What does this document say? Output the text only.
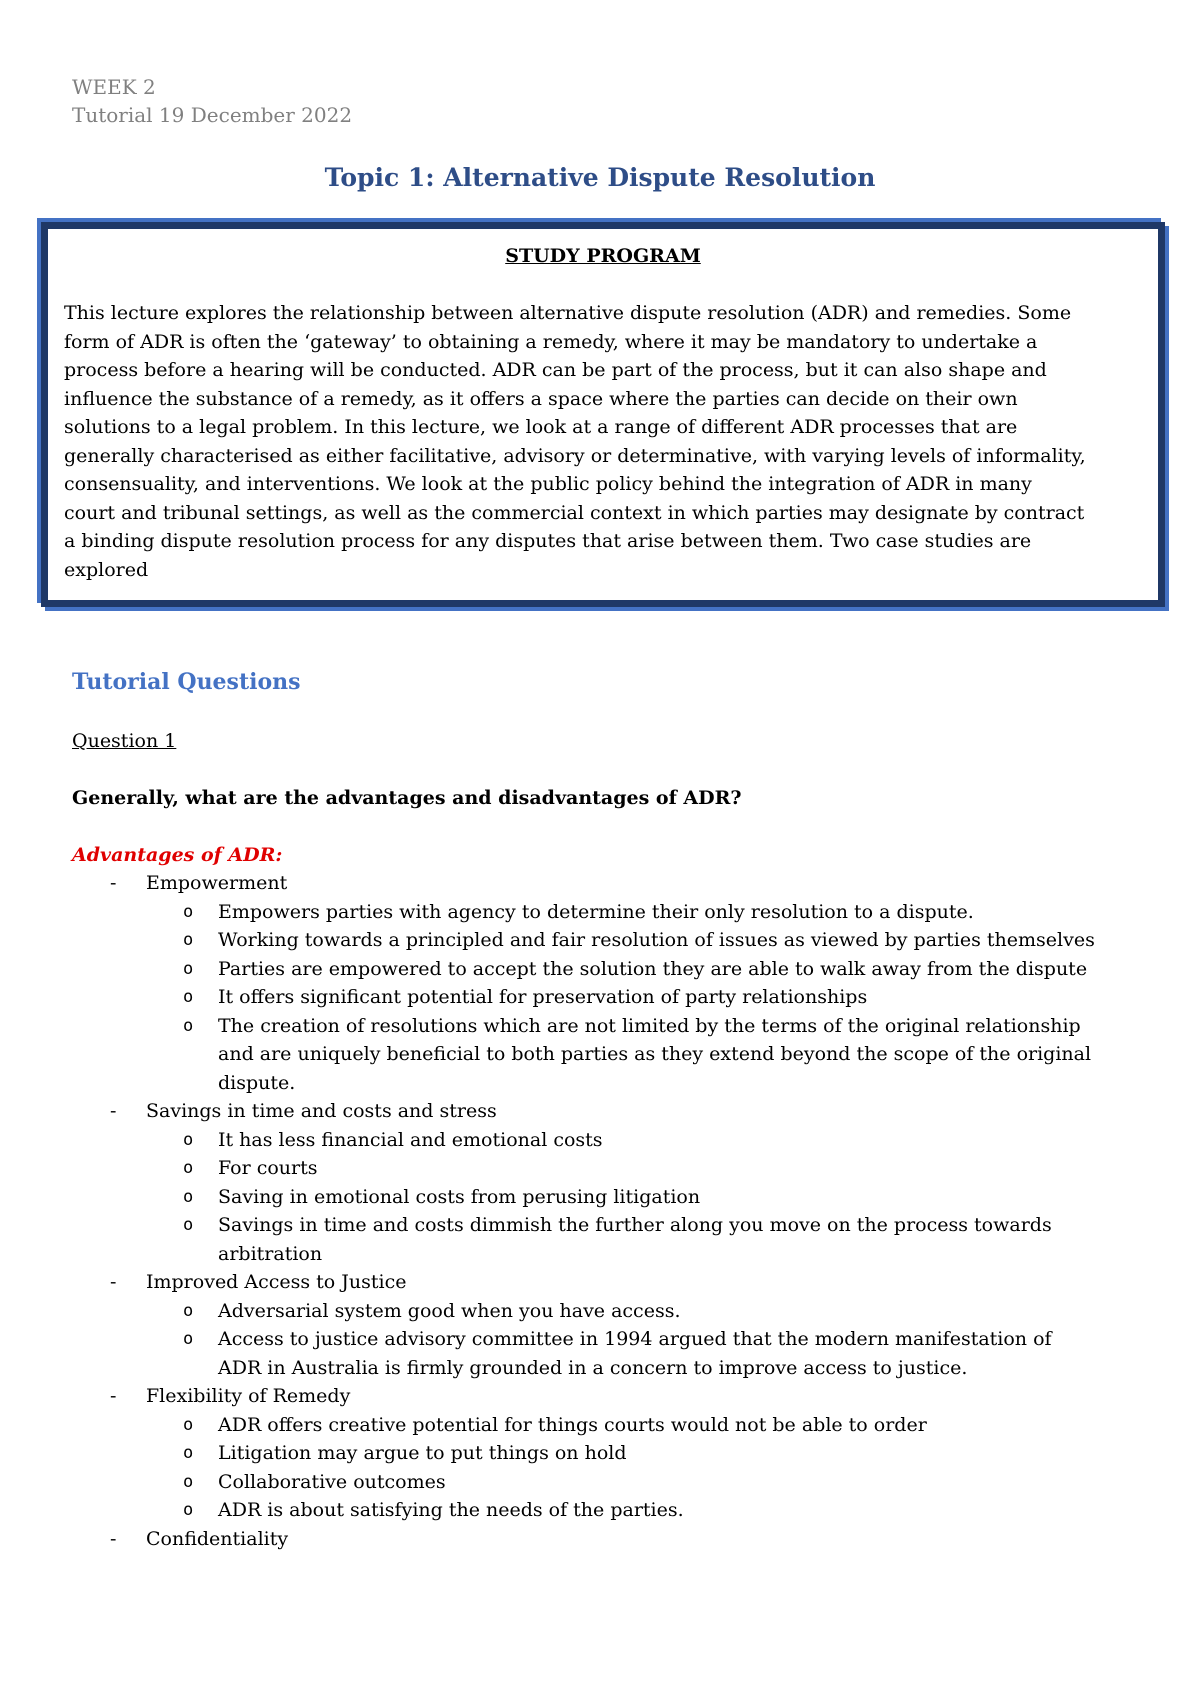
WEEK 2
Tutorial 19 December 2022
Topic 1: Alternative Dispute Resolution
STUDY PROGRAM
This lecture explores the relationship between alternative dispute resolution (ADR) and remedies. Some
form of ADR is often the ‘gateway’ to obtaining a remedy, where it may be mandatory to undertake a
process before a hearing will be conducted. ADR can be part of the process, but it can also shape and
influence the substance of a remedy, as it offers a space where the parties can decide on their own
solutions to a legal problem. In this lecture, we look at a range of different ADR processes that are
generally characterised as either facilitative, advisory or determinative, with varying levels of informality,
consensuality, and interventions. We look at the public policy behind the integration of ADR in many
court and tribunal settings, as well as the commercial context in which parties may designate by contract
a binding dispute resolution process for any disputes that arise between them. Two case studies are
explored
Tutorial Questions
Question 1
Generally, what are the advantages and disadvantages of ADR?
Advantages of ADR:
- Empowerment
o Empowers parties with agency to determine their only resolution to a dispute.
o Working towards a principled and fair resolution of issues as viewed by parties themselves
o Parties are empowered to accept the solution they are able to walk away from the dispute
o It offers significant potential for preservation of party relationships
o The creation of resolutions which are not limited by the terms of the original relationship and are uniquely beneficial to both parties as they extend beyond the scope of the original dispute.
- Savings in time and costs and stress
o It has less financial and emotional costs
o For courts
o Saving in emotional costs from perusing litigation
o Savings in time and costs dimmish the further along you move on the process towards arbitration
- Improved Access to Justice
o Adversarial system good when you have access.
o Access to justice advisory committee in 1994 argued that the modern manifestation of ADR in Australia is firmly grounded in a concern to improve access to justice.
- Flexibility of Remedy
o ADR offers creative potential for things courts would not be able to order
o Litigation may argue to put things on hold
o Collaborative outcomes
o ADR is about satisfying the needs of the parties.
- Confidentiality
